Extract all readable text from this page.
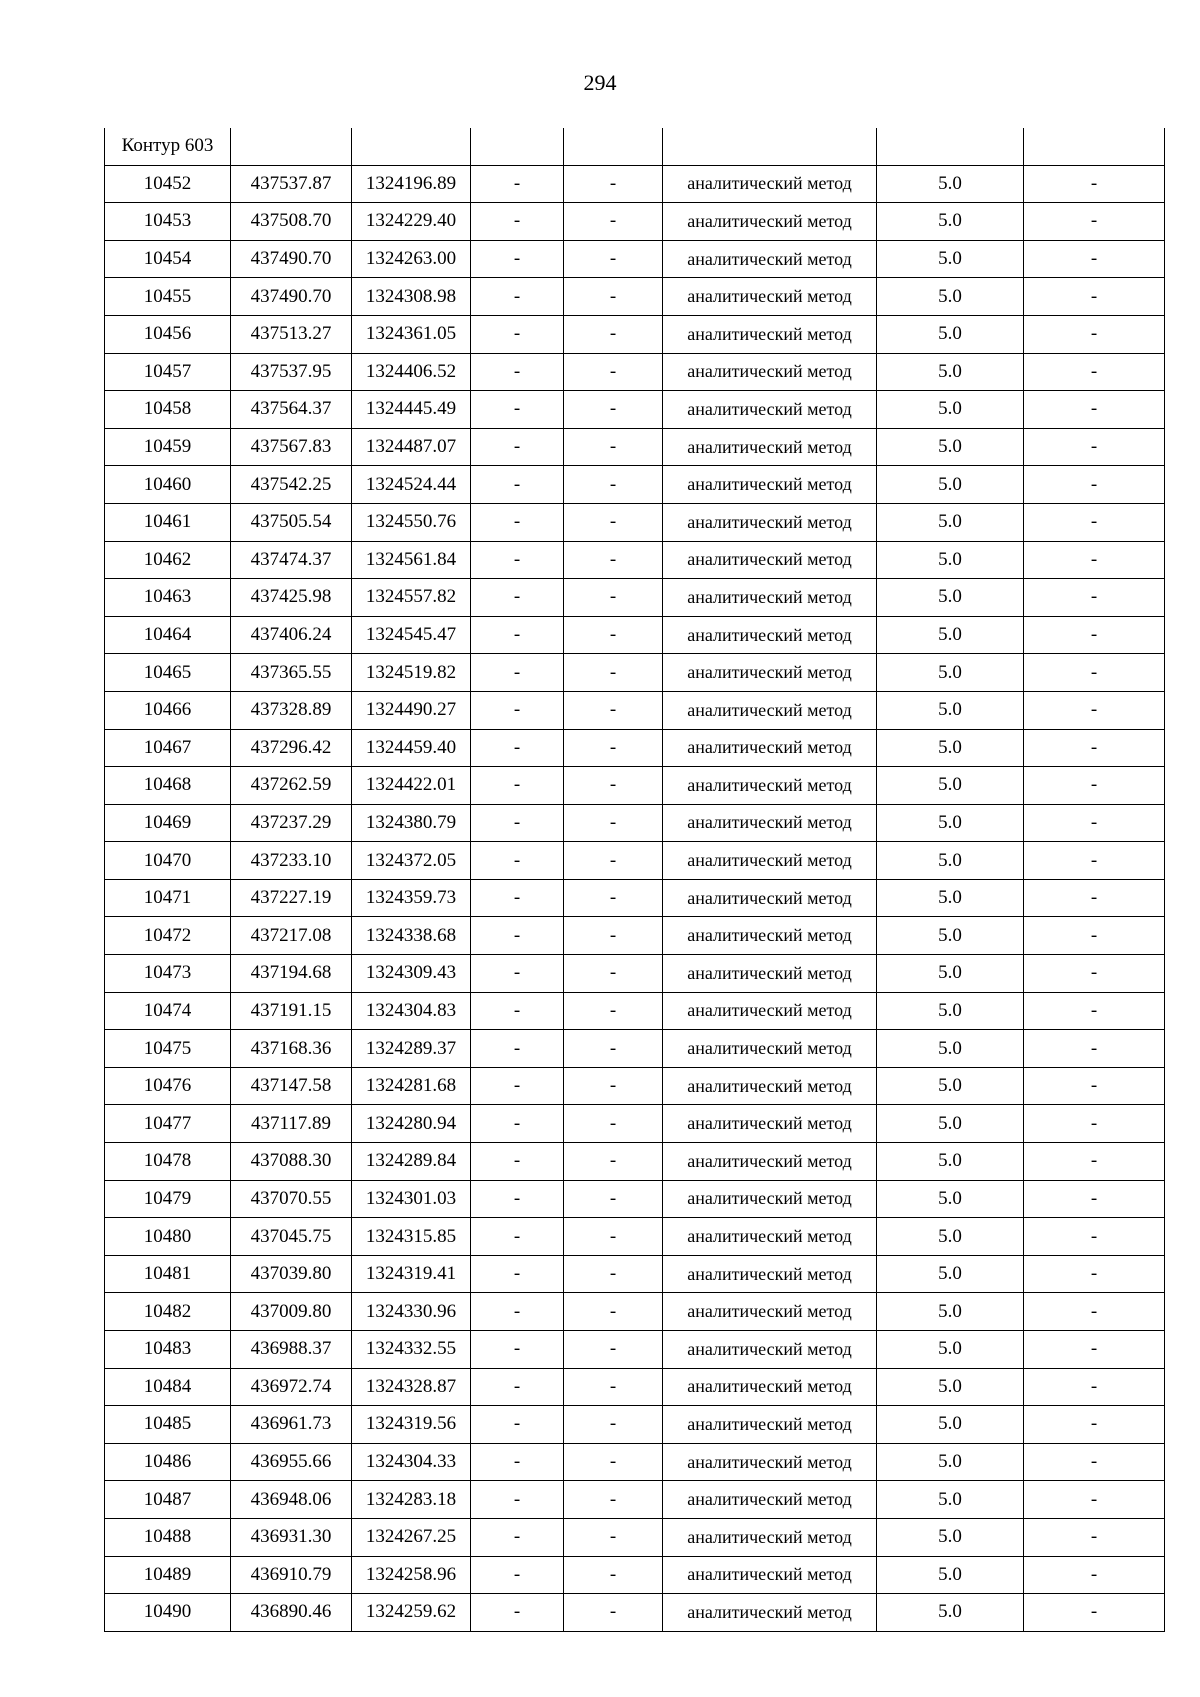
294
Контур 603							
10452	437537.87	1324196.89	-	-	аналитический метод	5.0	-
10453	437508.70	1324229.40	-	-	аналитический метод	5.0	-
10454	437490.70	1324263.00	-	-	аналитический метод	5.0	-
10455	437490.70	1324308.98	-	-	аналитический метод	5.0	-
10456	437513.27	1324361.05	-	-	аналитический метод	5.0	-
10457	437537.95	1324406.52	-	-	аналитический метод	5.0	-
10458	437564.37	1324445.49	-	-	аналитический метод	5.0	-
10459	437567.83	1324487.07	-	-	аналитический метод	5.0	-
10460	437542.25	1324524.44	-	-	аналитический метод	5.0	-
10461	437505.54	1324550.76	-	-	аналитический метод	5.0	-
10462	437474.37	1324561.84	-	-	аналитический метод	5.0	-
10463	437425.98	1324557.82	-	-	аналитический метод	5.0	-
10464	437406.24	1324545.47	-	-	аналитический метод	5.0	-
10465	437365.55	1324519.82	-	-	аналитический метод	5.0	-
10466	437328.89	1324490.27	-	-	аналитический метод	5.0	-
10467	437296.42	1324459.40	-	-	аналитический метод	5.0	-
10468	437262.59	1324422.01	-	-	аналитический метод	5.0	-
10469	437237.29	1324380.79	-	-	аналитический метод	5.0	-
10470	437233.10	1324372.05	-	-	аналитический метод	5.0	-
10471	437227.19	1324359.73	-	-	аналитический метод	5.0	-
10472	437217.08	1324338.68	-	-	аналитический метод	5.0	-
10473	437194.68	1324309.43	-	-	аналитический метод	5.0	-
10474	437191.15	1324304.83	-	-	аналитический метод	5.0	-
10475	437168.36	1324289.37	-	-	аналитический метод	5.0	-
10476	437147.58	1324281.68	-	-	аналитический метод	5.0	-
10477	437117.89	1324280.94	-	-	аналитический метод	5.0	-
10478	437088.30	1324289.84	-	-	аналитический метод	5.0	-
10479	437070.55	1324301.03	-	-	аналитический метод	5.0	-
10480	437045.75	1324315.85	-	-	аналитический метод	5.0	-
10481	437039.80	1324319.41	-	-	аналитический метод	5.0	-
10482	437009.80	1324330.96	-	-	аналитический метод	5.0	-
10483	436988.37	1324332.55	-	-	аналитический метод	5.0	-
10484	436972.74	1324328.87	-	-	аналитический метод	5.0	-
10485	436961.73	1324319.56	-	-	аналитический метод	5.0	-
10486	436955.66	1324304.33	-	-	аналитический метод	5.0	-
10487	436948.06	1324283.18	-	-	аналитический метод	5.0	-
10488	436931.30	1324267.25	-	-	аналитический метод	5.0	-
10489	436910.79	1324258.96	-	-	аналитический метод	5.0	-
10490	436890.46	1324259.62	-	-	аналитический метод	5.0	-
